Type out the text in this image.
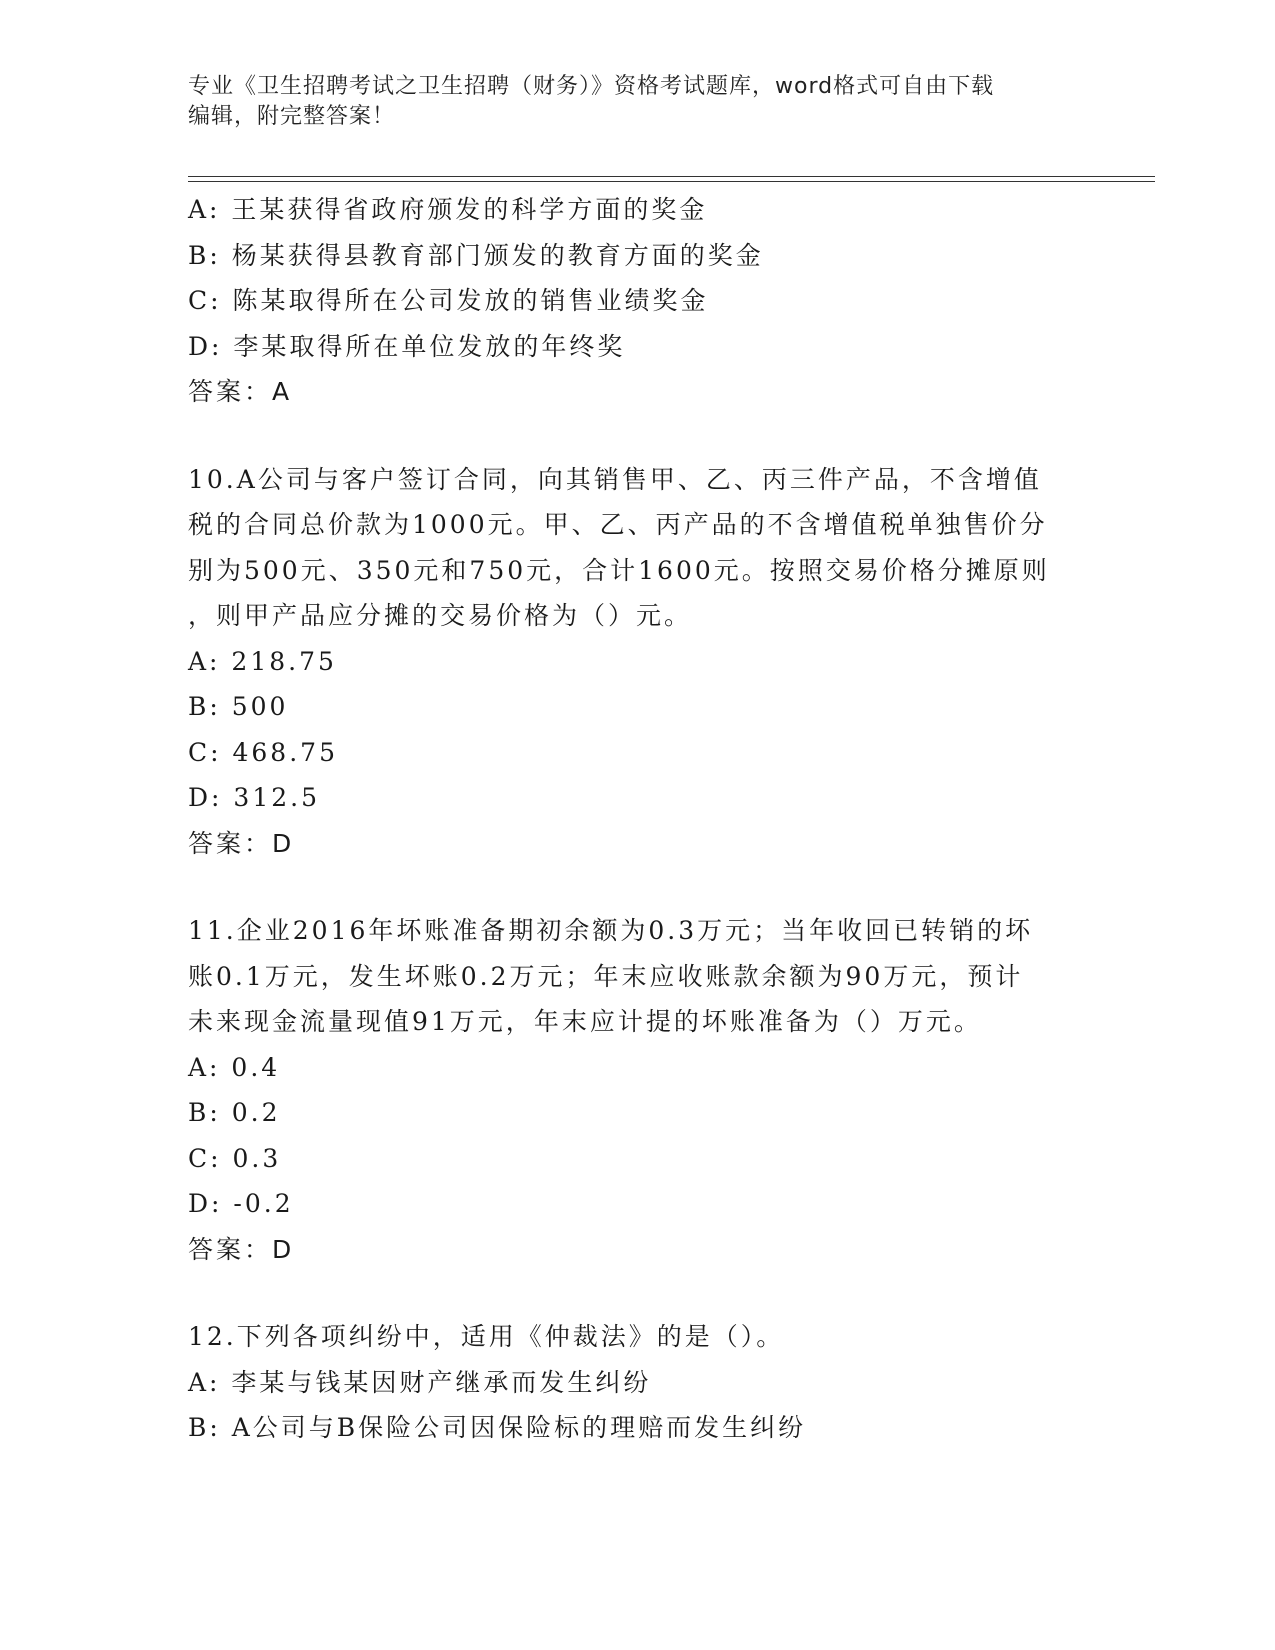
专业《卫生招聘考试之卫生招聘（财务）》资格考试题库，word格式可自由下载

编辑，附完整答案！

A: 王某获得省政府颁发的科学方面的奖金
B: 杨某获得县教育部门颁发的教育方面的奖金
C: 陈某取得所在公司发放的销售业绩奖金
D: 李某取得所在单位发放的年终奖
答案：A
10.A公司与客户签订合同，向其销售甲、乙、丙三件产品，不含增值
税的合同总价款为1000元。甲、乙、丙产品的不含增值税单独售价分
别为500元、350元和750元，合计1600元。按照交易价格分摊原则
，则甲产品应分摊的交易价格为（）元。
A: 218.75
B: 500
C: 468.75
D: 312.5
答案：D
11.企业2016年坏账准备期初余额为0.3万元；当年收回已转销的坏
账0.1万元，发生坏账0.2万元；年末应收账款余额为90万元，预计
未来现金流量现值91万元，年末应计提的坏账准备为（）万元。
A: 0.4
B: 0.2
C: 0.3
D: -0.2
答案：D
12.下列各项纠纷中，适用《仲裁法》的是（）。
A: 李某与钱某因财产继承而发生纠纷
B: A公司与B保险公司因保险标的理赔而发生纠纷
